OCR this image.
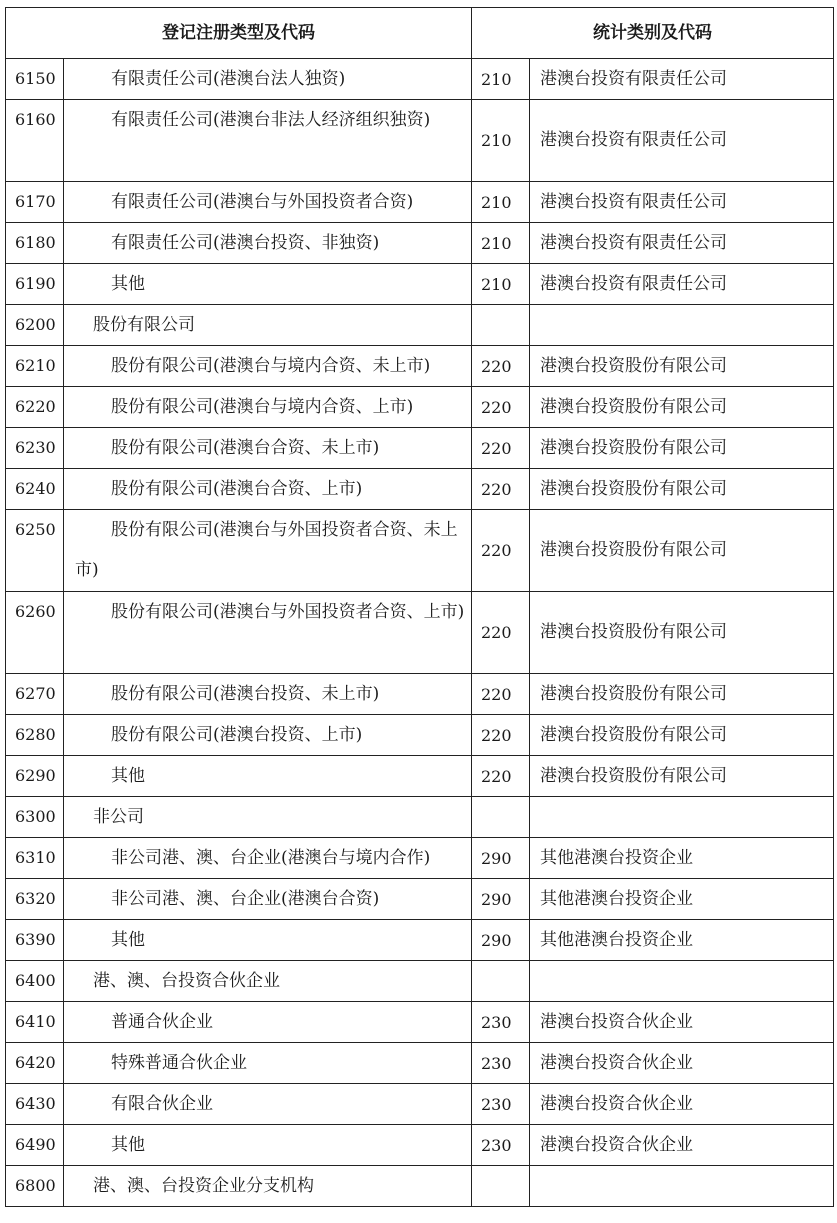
登记注册类型及代码		统计类别及代码	
6150	有限责任公司(港澳台法人独资)	210	港澳台投资有限责任公司
6160	有限责任公司(港澳台非法人经济组织独资)	210	港澳台投资有限责任公司
6170	有限责任公司(港澳台与外国投资者合资)	210	港澳台投资有限责任公司
6180	有限责任公司(港澳台投资、非独资)	210	港澳台投资有限责任公司
6190	其他	210	港澳台投资有限责任公司
6200	股份有限公司		

6210	股份有限公司(港澳台与境内合资、未上市)	220	港澳台投资股份有限公司
6220	股份有限公司(港澳台与境内合资、上市)	220	港澳台投资股份有限公司
6230	股份有限公司(港澳台合资、未上市)	220	港澳台投资股份有限公司
6240	股份有限公司(港澳台合资、上市)	220	港澳台投资股份有限公司
6250	股份有限公司(港澳台与外国投资者合资、未上市)	220	港澳台投资股份有限公司
6260	股份有限公司(港澳台与外国投资者合资、上市)	220	港澳台投资股份有限公司
6270	股份有限公司(港澳台投资、未上市)	220	港澳台投资股份有限公司
6280	股份有限公司(港澳台投资、上市)	220	港澳台投资股份有限公司
6290	其他	220	港澳台投资股份有限公司
6300	非公司		

6310	非公司港、澳、台企业(港澳台与境内合作)	290	其他港澳台投资企业
6320	非公司港、澳、台企业(港澳台合资)	290	其他港澳台投资企业
6390	其他	290	其他港澳台投资企业
6400	港、澳、台投资合伙企业		

6410	普通合伙企业	230	港澳台投资合伙企业
6420	特殊普通合伙企业	230	港澳台投资合伙企业
6430	有限合伙企业	230	港澳台投资合伙企业
6490	其他	230	港澳台投资合伙企业
6800	港、澳、台投资企业分支机构		
